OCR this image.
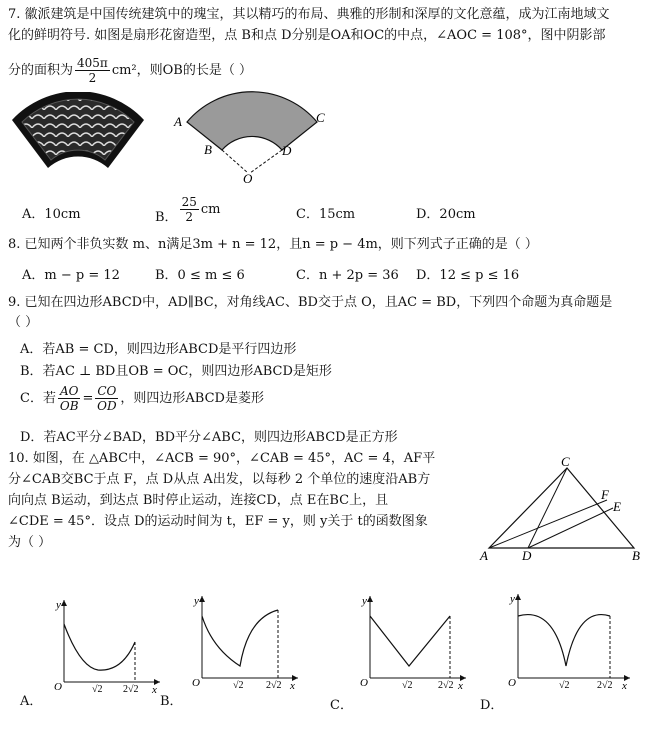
7. 徽派建筑是中国传统建筑中的瑰宝，其以精巧的布局、典雅的形制和深厚的文化意蕴，成为江南地域文
化的鲜明符号. 如图是扇形花窗造型，点 B和点 D分别是OA和OC的中点，∠AOC = 108°，图中阴影部
分的面积为 $\frac{405\pi}{2} cm^2$，则OB的长是（ ）
A	C
B	D
O
A．10cm	B． $\frac{25}{2}$ cm	C．15cm	D．20cm
8. 已知两个非负实数 m、n满足3m + n = 12，且n = p − 4m，则下列式子正确的是（ ）
A．m − p = 12	B．0 ≤ m ≤ 6	C．n + 2p = 36 D．12 ≤ p ≤ 16
9. 已知在四边形ABCD中，AD∥BC，对角线AC、BD交于点 O，且AC = BD，下列四个命题为真命题是
（ ）
A．若AB = CD，则四边形ABCD是平行四边形
B．若AC ⊥ BD且OB = OC，则四边形ABCD是矩形
C．若 $\frac{AO}{OB} = \frac{CO}{OD}$ ，则四边形ABCD是菱形
D．若AC平分∠BAD，BD平分∠ABC，则四边形ABCD是正方形
10. 如图，在 △ABC中，∠ACB = 90°，∠CAB = 45°，AC = 4，AF平
分∠CAB交BC于点 F，点 D从点 A出发，以每秒 2 个单位的速度沿AB方
向向点 B运动，到达点 B时停止运动，连接CD，点 E在BC上，且
∠CDE = 45°．设点 D的运动时间为 t，EF = y，则 y关于 t的函数图象
为（ ）
C
A	D	B
F
E
y
x
O	√2 2√2
A．
y
x
O	√2 2√2
B．
y
x
O	√2	2√2
C．
y
x
O	√2	2√2
D．
